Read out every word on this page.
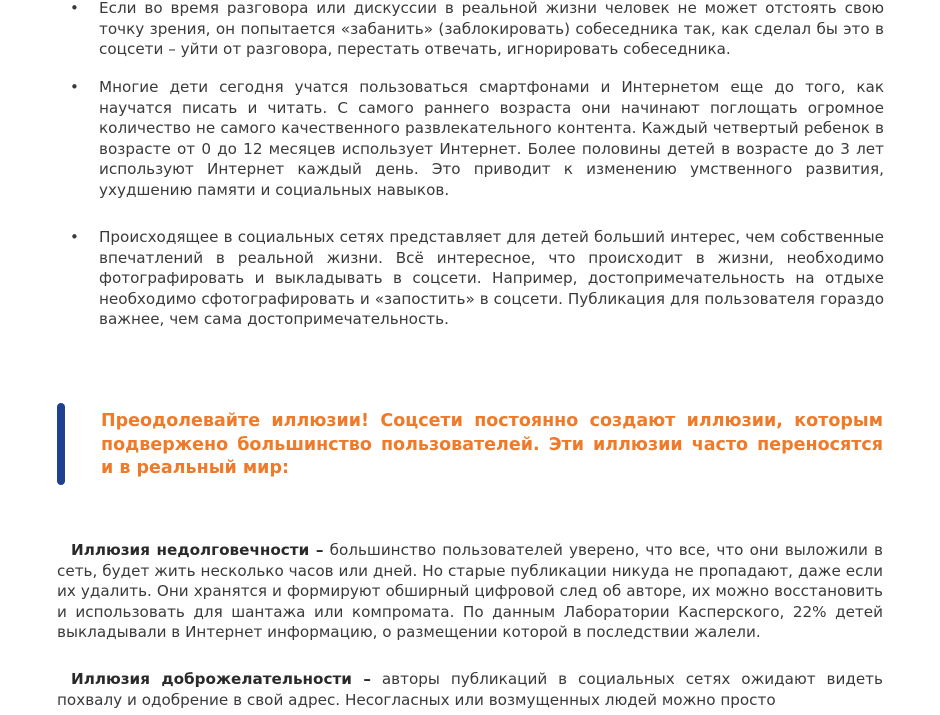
• Если во время разговора или дискуссии в реальной жизни человек не может отстоять свою точку зрения, он попытается «забанить» (заблокировать) собеседника так, как сделал бы это в соцсети – уйти от разговора, перестать отвечать, игнорировать собеседника.

• Многие дети сегодня учатся пользоваться смартфонами и Интернетом еще до того, как научатся писать и читать. С самого раннего возраста они начинают поглощать огромное количество не самого качественного развлекательного контента. Каждый четвертый ребенок в возрасте от 0 до 12 месяцев использует Интернет. Более половины детей в возрасте до 3 лет используют Интернет каждый день. Это приводит к изменению умственного развития, ухудшению памяти и социальных навыков.

• Происходящее в социальных сетях представляет для детей больший интерес, чем собственные впечатлений в реальной жизни. Всё интересное, что происходит в жизни, необходимо фотографировать и выкладывать в соцсети. Например, достопримечательность на отдыхе необходимо сфотографировать и «запостить» в соцсети. Публикация для пользователя гораздо важнее, чем сама достопримечательность.

Преодолевайте иллюзии! Соцсети постоянно создают иллюзии, которым подвержено большинство пользователей. Эти иллюзии часто переносятся и в реальный мир:

Иллюзия недолговечности – большинство пользователей уверено, что все, что они выложили в сеть, будет жить несколько часов или дней. Но старые публикации никуда не пропадают, даже если их удалить. Они хранятся и формируют обширный цифровой след об авторе, их можно восстановить и использовать для шантажа или компромата. По данным Лаборатории Касперского, 22% детей выкладывали в Интернет информацию, о размещении которой в последствии жалели.

Иллюзия доброжелательности – авторы публикаций в социальных сетях ожидают видеть похвалу и одобрение в свой адрес. Несогласных или возмущенных людей можно просто
